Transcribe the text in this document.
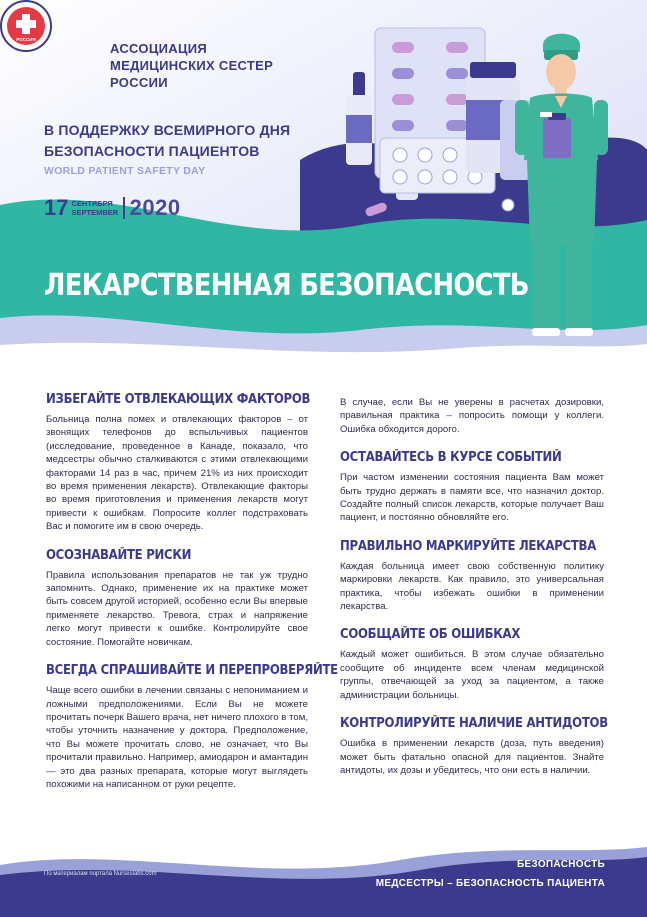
РОССИЯ
АССОЦИАЦИЯ
МЕДИЦИНСКИХ СЕСТЕР
РОССИИ
В ПОДДЕРЖКУ ВСЕМИРНОГО ДНЯ
БЕЗОПАСНОСТИ ПАЦИЕНТОВ
WORLD PATIENT SAFETY DAY
17 СЕНТЯБРЯ
SEPTEMBER 2020
ЛЕКАРСТВЕННАЯ БЕЗОПАСНОСТЬ
ИЗБЕГАЙТЕ ОТВЛЕКАЮЩИХ ФАКТОРОВ

Больница полна помех и отвлекающих факторов – от звонящих телефонов до вспыльчивых пациентов (исследование, проведенное в Канаде, показало, что медсестры обычно сталкиваются с этими отвлекающими факторами 14 раз в час, причем 21% из них происходит во время применения лекарств). Отвлекающие факторы во время приготовления и применения лекарств могут привести к ошибкам. Попросите коллег подстраховать Вас и помогите им в свою очередь.

ОСОЗНАВАЙТЕ РИСКИ

Правила использования препаратов не так уж трудно запомнить. Однако, применение их на практике может быть совсем другой историей, особенно если Вы впервые применяете лекарство. Тревога, страх и напряжение легко могут привести к ошибке. Контролируйте свое состояние. Помогайте новичкам.

ВСЕГДА СПРАШИВАЙТЕ И ПЕРЕПРОВЕРЯЙТЕ

Чаще всего ошибки в лечении связаны с непониманием и ложными предположениями. Если Вы не можете прочитать почерк Вашего врача, нет ничего плохого в том, чтобы уточнить назначение у доктора. Предположение, что Вы можете прочитать слово, не означает, что Вы прочитали правильно. Например, амиодарон и амантадин — это два разных препарата, которые могут выглядеть похожими на написанном от руки рецепте.

В случае, если Вы не уверены в расчетах дозировки, правильная практика – попросить помощи у коллеги. Ошибка обходится дорого.

ОСТАВАЙТЕСЬ В КУРСЕ СОБЫТИЙ

При частом изменении состояния пациента Вам может быть трудно держать в памяти все, что назначил доктор. Создайте полный список лекарств, которые получает Ваш пациент, и постоянно обновляйте его.

ПРАВИЛЬНО МАРКИРУЙТЕ ЛЕКАРСТВА

Каждая больница имеет свою собственную политику маркировки лекарств. Как правило, это универсальная практика, чтобы избежать ошибки в применении лекарства.

СООБЩАЙТЕ ОБ ОШИБКАХ

Каждый может ошибиться. В этом случае обязательно сообщите об инциденте всем членам медицинской группы, отвечающей за уход за пациентом, а также администрации больницы.

КОНТРОЛИРУЙТЕ НАЛИЧИЕ АНТИДОТОВ

Ошибка в применении лекарств (доза, путь введения) может быть фатально опасной для пациентов. Знайте антидоты, их дозы и убедитесь, что они есть в наличии.

По материалам портала Nurseslabs.com
БЕЗОПАСНОСТЬ
МЕДСЕСТРЫ – БЕЗОПАСНОСТЬ ПАЦИЕНТА
